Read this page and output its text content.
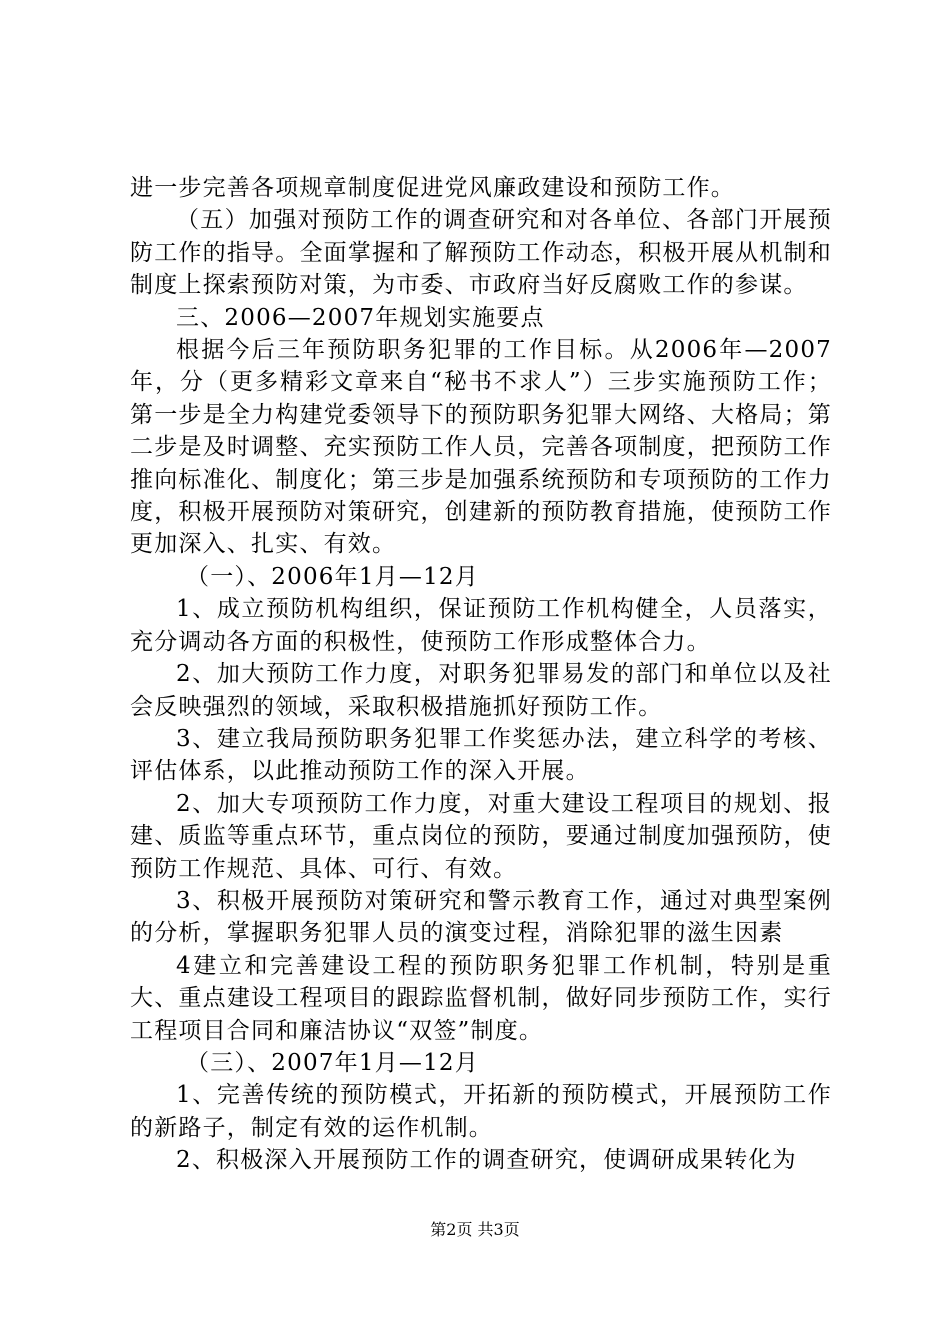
进一步完善各项规章制度促进党风廉政建设和预防工作。

（五）加强对预防工作的调查研究和对各单位、各部门开展预防工作的指导。全面掌握和了解预防工作动态，积极开展从机制和制度上探索预防对策，为市委、市政府当好反腐败工作的参谋。

三、2006—2007年规划实施要点

根据今后三年预防职务犯罪的工作目标。从2006年—2007年，分（更多精彩文章来自“秘书不求人”）三步实施预防工作；第一步是全力构建党委领导下的预防职务犯罪大网络、大格局；第二步是及时调整、充实预防工作人员，完善各项制度，把预防工作推向标准化、制度化；第三步是加强系统预防和专项预防的工作力度，积极开展预防对策研究，创建新的预防教育措施，使预防工作更加深入、扎实、有效。

（一）、2006年1月—12月

1、成立预防机构组织，保证预防工作机构健全，人员落实，充分调动各方面的积极性，使预防工作形成整体合力。

2、加大预防工作力度，对职务犯罪易发的部门和单位以及社会反映强烈的领域，采取积极措施抓好预防工作。

3、建立我局预防职务犯罪工作奖惩办法，建立科学的考核、评估体系，以此推动预防工作的深入开展。

2、加大专项预防工作力度，对重大建设工程项目的规划、报建、质监等重点环节，重点岗位的预防，要通过制度加强预防，使预防工作规范、具体、可行、有效。

3、积极开展预防对策研究和警示教育工作，通过对典型案例的分析，掌握职务犯罪人员的演变过程，消除犯罪的滋生因素

4建立和完善建设工程的预防职务犯罪工作机制，特别是重大、重点建设工程项目的跟踪监督机制，做好同步预防工作，实行工程项目合同和廉洁协议“双签”制度。

（三）、2007年1月—12月

1、完善传统的预防模式，开拓新的预防模式，开展预防工作的新路子，制定有效的运作机制。

2、积极深入开展预防工作的调查研究，使调研成果转化为

第2页 共3页
